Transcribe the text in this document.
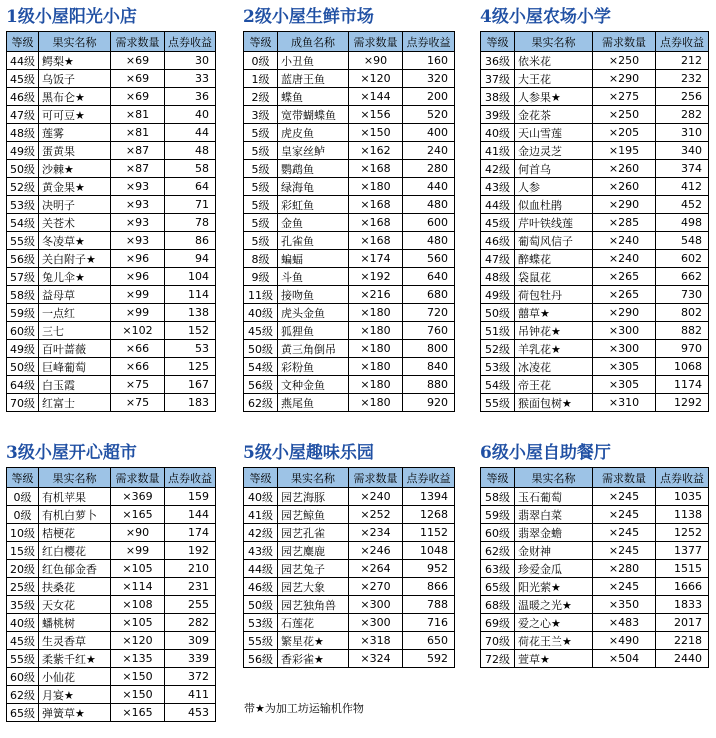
1级小屋阳光小店
等级	果实名称	需求数量	点券收益
44级	鳄梨★	×69	30
45级	乌饭子	×69	33
46级	黑布仑★	×69	36
47级	可可豆★	×81	40
48级	莲雾	×81	44
49级	蛋黄果	×87	48
50级	沙棘★	×87	58
52级	黄金果★	×93	64
53级	决明子	×93	71
54级	关苍术	×93	78
55级	冬凌草★	×93	86
56级	关白附子★	×96	94
57级	兔儿伞★	×96	104
58级	益母草	×99	114
59级	一点红	×99	138
60级	三七	×102	152
49级	百叶蔷薇	×66	53
50级	巨峰葡萄	×66	125
64级	白玉霞	×75	167
70级	红富士	×75	183
2级小屋生鲜市场
等级	成鱼名称	需求数量	点券收益
0级	小丑鱼	×90	160
1级	蓝唐王鱼	×120	320
2级	蝶鱼	×144	200
3级	宽带蝴蝶鱼	×156	520
5级	虎皮鱼	×150	400
5级	皇家丝鲈	×162	240
5级	鹦鹉鱼	×168	280
5级	绿海龟	×180	440
5级	彩虹鱼	×168	480
5级	金鱼	×168	600
5级	孔雀鱼	×168	480
8级	蝙蝠	×174	560
9级	斗鱼	×192	640
11级	接吻鱼	×216	680
40级	虎头金鱼	×180	720
45级	狐狸鱼	×180	760
50级	黄三角倒吊	×180	800
54级	彩粉鱼	×180	840
56级	文种金鱼	×180	880
62级	燕尾鱼	×180	920
4级小屋农场小学
等级	果实名称	需求数量	点券收益
36级	依米花	×250	212
37级	大王花	×290	232
38级	人参果★	×275	256
39级	金花茶	×250	282
40级	天山雪莲	×205	310
41级	金边灵芝	×195	340
42级	何首乌	×260	374
43级	人参	×260	412
44级	似血杜鹃	×290	452
45级	芹叶铁线莲	×285	498
46级	葡萄风信子	×240	548
47级	醉蝶花	×240	602
48级	袋鼠花	×265	662
49级	荷包牡丹	×265	730
50级	囍草★	×290	802
51级	吊钟花★	×300	882
52级	羊乳花★	×300	970
53级	冰凌花	×305	1068
54级	帝王花	×305	1174
55级	猴面包树★	×310	1292
3级小屋开心超市
等级	果实名称	需求数量	点券收益
0级	有机苹果	×369	159
0级	有机白萝卜	×165	144
10级	桔梗花	×90	174
15级	红白樱花	×99	192
20级	红色郁金香	×105	210
25级	扶桑花	×114	231
35级	天女花	×108	255
40级	蟠桃树	×105	282
45级	生灵香草	×120	309
55级	柔紫千红★	×135	339
60级	小仙花	×150	372
62级	月宴★	×150	411
65级	弹簧草★	×165	453
5级小屋趣味乐园
等级	果实名称	需求数量	点券收益
40级	园艺海豚	×240	1394
41级	园艺鲸鱼	×252	1268
42级	园艺孔雀	×234	1152
43级	园艺麋鹿	×246	1048
44级	园艺兔子	×264	952
46级	园艺大象	×270	866
50级	园艺独角兽	×300	788
53级	石莲花	×300	716
55级	繁星花★	×318	650
56级	香彩雀★	×324	592
6级小屋自助餐厅
等级	果实名称	需求数量	点券收益
58级	玉石葡萄	×245	1035
59级	翡翠白菜	×245	1138
60级	翡翠金蟾	×245	1252
62级	金财神	×245	1377
63级	珍爱金瓜	×280	1515
65级	阳光萦★	×245	1666
68级	温暖之光★	×350	1833
69级	爱之心★	×483	2017
70级	荷花王兰★	×490	2218
72级	萱草★	×504	2440
带★为加工坊运输机作物
